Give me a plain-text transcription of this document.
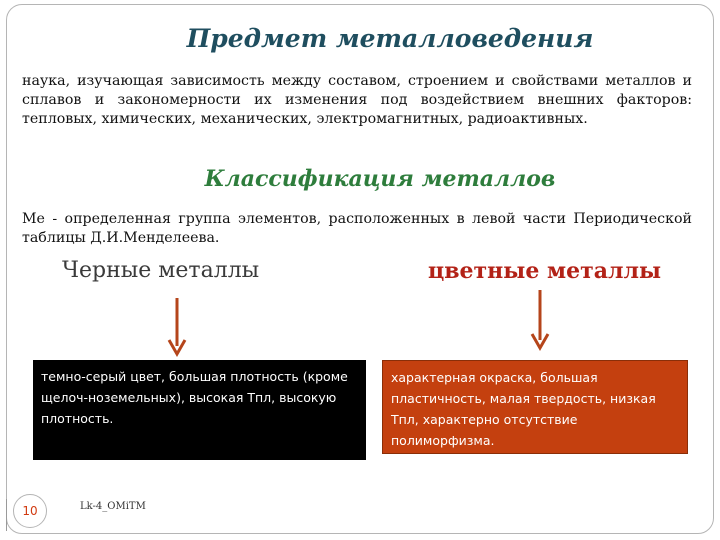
Предмет металловедения
наука, изучающая зависимость между составом, строением и свойствами металлов и сплавов и закономерности их изменения под воздействием внешних факторов: тепловых, химических, механических, электромагнитных, радиоактивных.
Классификация металлов
Ме - определенная группа элементов, расположенных в левой части Периодической таблицы Д.И.Менделеева.
Черные металлы	цветные металлы
темно-серый цвет, большая плотность (кроме щелоч-ноземельных), высокая Тпл, высокую плотность.
характерная окраска, большая пластичность, малая твердость, низкая Тпл, характерно отсутствие полиморфизма.
10	Lk-4_OMiTM
